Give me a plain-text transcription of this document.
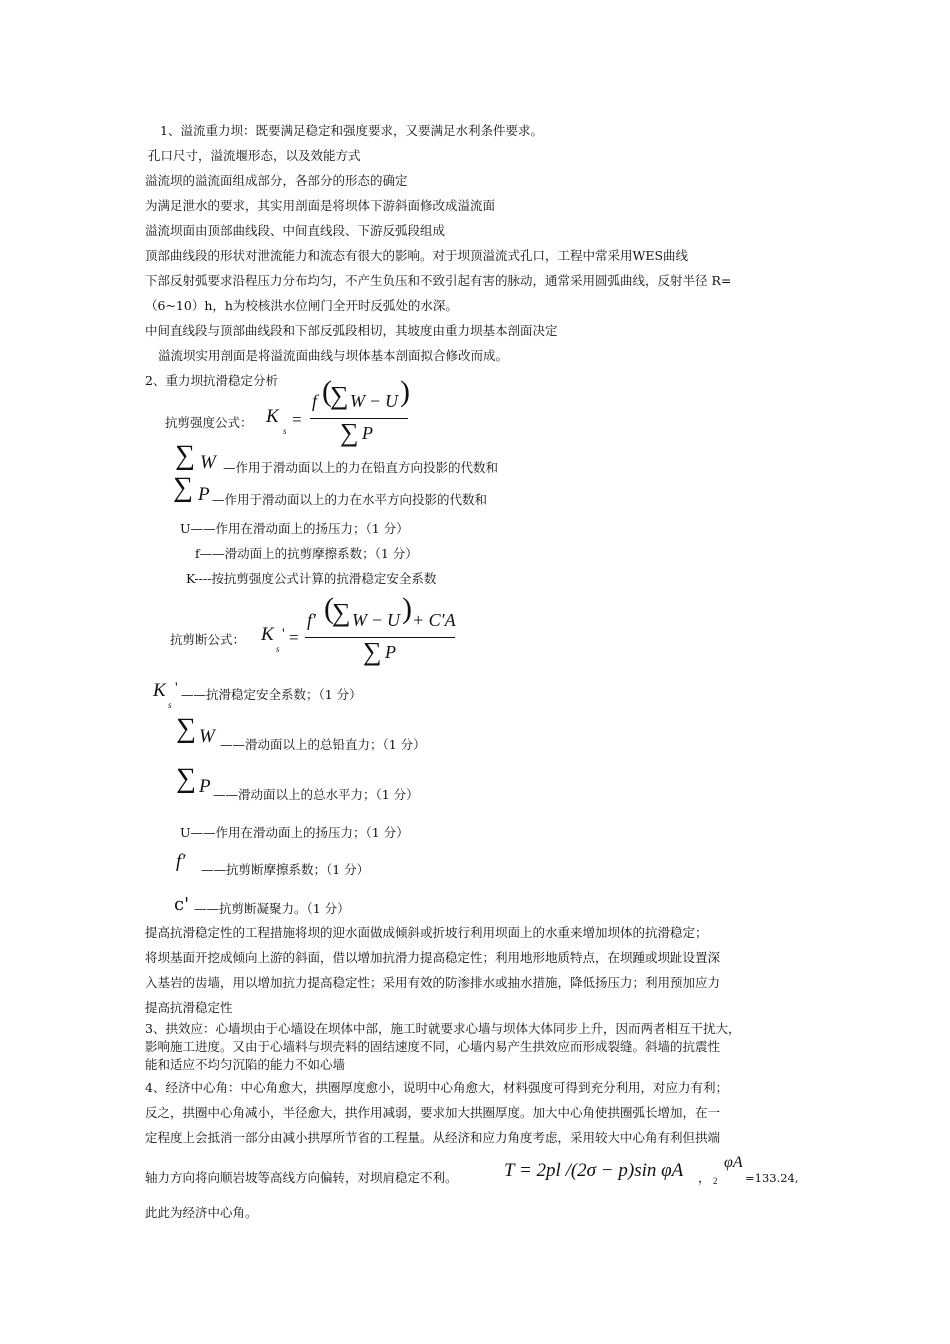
1、溢流重力坝：既要满足稳定和强度要求，又要满足水利条件要求。
孔口尺寸，溢流堰形态，以及效能方式
溢流坝的溢流面组成部分，各部分的形态的确定
为满足泄水的要求，其实用剖面是将坝体下游斜面修改成溢流面
溢流坝面由顶部曲线段、中间直线段、下游反弧段组成
顶部曲线段的形状对泄流能力和流态有很大的影响。对于坝顶溢流式孔口，工程中常采用WES曲线
下部反射弧要求沿程压力分布均匀，不产生负压和不致引起有害的脉动，通常采用圆弧曲线，反射半径 R=
（6~10）h，h为校核洪水位闸门全开时反弧处的水深。
中间直线段与顶部曲线段和下部反弧段相切，其坡度由重力坝基本剖面决定
溢流坝实用剖面是将溢流面曲线与坝体基本剖面拟合修改而成。
2、重力坝抗滑稳定分析
抗剪强度公式： K
s
=
f (
∑ W − U )
∑ P
∑ W —作用于滑动面以上的力在铅直方向投影的代数和
∑ P —作用于滑动面以上的力在水平方向投影的代数和
U——作用在滑动面上的扬压力；（1 分）
f——滑动面上的抗剪摩擦系数；（1 分）
K----按抗剪强度公式计算的抗滑稳定安全系数
抗剪断公式： K
s
' =
f′ (
∑ W − U ) + C′A
∑ P
K
s
' ——抗滑稳定安全系数；（1 分）
∑ W ——滑动面以上的总铅直力；（1 分）
∑ P ——滑动面以上的总水平力；（1 分）
U——作用在滑动面上的扬压力；（1 分）
f′ ——抗剪断摩擦系数；（1 分）
c' ——抗剪断凝聚力。（1 分）
提高抗滑稳定性的工程措施将坝的迎水面做成倾斜或折坡行利用坝面上的水重来增加坝体的抗滑稳定；
将坝基面开挖成倾向上游的斜面，借以增加抗滑力提高稳定性；利用地形地质特点，在坝踵或坝趾设置深
入基岩的齿墙，用以增加抗力提高稳定性；采用有效的防渗排水或抽水措施，降低扬压力；利用预加应力
提高抗滑稳定性
3、拱效应：心墙坝由于心墙设在坝体中部，施工时就要求心墙与坝体大体同步上升，因而两者相互干扰大，
影响施工进度。又由于心墙料与坝壳料的固结速度不同，心墙内易产生拱效应而形成裂缝。斜墙的抗震性
能和适应不均匀沉陷的能力不如心墙
4、经济中心角：中心角愈大，拱圈厚度愈小，说明中心角愈大，材料强度可得到充分利用，对应力有利；
反之，拱圈中心角减小，半径愈大，拱作用减弱，要求加大拱圈厚度。加大中心角使拱圈弧长增加，在一
定程度上会抵消一部分由减小拱厚所节省的工程量。从经济和应力角度考虑，采用较大中心角有利但拱端
轴力方向将向顺岩坡等高线方向偏转，对坝肩稳定不利。 T = 2pl /(2σ − p)sin φA ， 2
φA
=133.24,
此此为经济中心角。
